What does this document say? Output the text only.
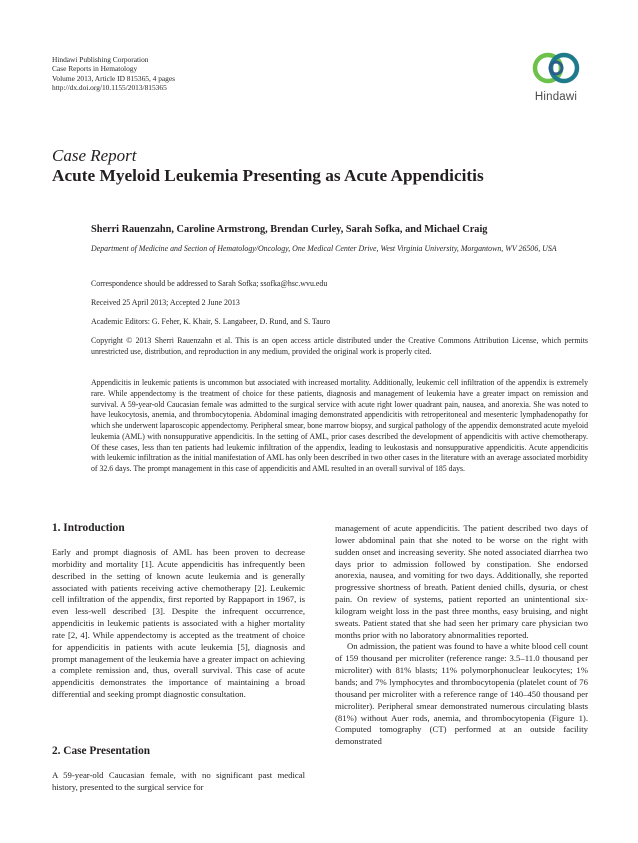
Hindawi Publishing Corporation
Case Reports in Hematology
Volume 2013, Article ID 815365, 4 pages
http://dx.doi.org/10.1155/2013/815365
Hindawi
Case Report
Acute Myeloid Leukemia Presenting as Acute Appendicitis
Sherri Rauenzahn, Caroline Armstrong, Brendan Curley, Sarah Sofka, and Michael Craig
Department of Medicine and Section of Hematology/Oncology, One Medical Center Drive, West Virginia University, Morgantown, WV 26506, USA
Correspondence should be addressed to Sarah Sofka; ssofka@hsc.wvu.edu
Received 25 April 2013; Accepted 2 June 2013
Academic Editors: G. Feher, K. Khair, S. Langabeer, D. Rund, and S. Tauro
Copyright © 2013 Sherri Rauenzahn et al. This is an open access article distributed under the Creative Commons Attribution License, which permits unrestricted use, distribution, and reproduction in any medium, provided the original work is properly cited.
Appendicitis in leukemic patients is uncommon but associated with increased mortality. Additionally, leukemic cell infiltration of the appendix is extremely rare. While appendectomy is the treatment of choice for these patients, diagnosis and management of leukemia have a greater impact on remission and survival. A 59-year-old Caucasian female was admitted to the surgical service with acute right lower quadrant pain, nausea, and anorexia. She was noted to have leukocytosis, anemia, and thrombocytopenia. Abdominal imaging demonstrated appendicitis with retroperitoneal and mesenteric lymphadenopathy for which she underwent laparoscopic appendectomy. Peripheral smear, bone marrow biopsy, and surgical pathology of the appendix demonstrated acute myeloid leukemia (AML) with nonsuppurative appendicitis. In the setting of AML, prior cases described the development of appendicitis with active chemotherapy. Of these cases, less than ten patients had leukemic infiltration of the appendix, leading to leukostasis and nonsuppurative appendicitis. Acute appendicitis with leukemic infiltration as the initial manifestation of AML has only been described in two other cases in the literature with an average associated morbidity of 32.6 days. The prompt management in this case of appendicitis and AML resulted in an overall survival of 185 days.
1. Introduction

Early and prompt diagnosis of AML has been proven to decrease morbidity and mortality [1]. Acute appendicitis has infrequently been described in the setting of known acute leukemia and is generally associated with patients receiving active chemotherapy [2]. Leukemic cell infiltration of the appendix, first reported by Rappaport in 1967, is even less-well described [3]. Despite the infrequent occurrence, appendicitis in leukemic patients is associated with a higher mortality rate [2, 4]. While appendectomy is accepted as the treatment of choice for appendicitis in patients with acute leukemia [5], diagnosis and prompt management of the leukemia have a greater impact on achieving a complete remission and, thus, overall survival. This case of acute appendicitis demonstrates the importance of maintaining a broad differential and seeking prompt diagnostic consultation.

2. Case Presentation

A 59-year-old Caucasian female, with no significant past medical history, presented to the surgical service for

management of acute appendicitis. The patient described two days of lower abdominal pain that she noted to be worse on the right with sudden onset and increasing severity. She noted associated diarrhea two days prior to admission followed by constipation. She endorsed anorexia, nausea, and vomiting for two days. Additionally, she reported progressive shortness of breath. Patient denied chills, dysuria, or chest pain. On review of systems, patient reported an unintentional six-kilogram weight loss in the past three months, easy bruising, and night sweats. Patient stated that she had seen her primary care physician two months prior with no laboratory abnormalities reported.

On admission, the patient was found to have a white blood cell count of 159 thousand per microliter (reference range: 3.5–11.0 thousand per microliter) with 81% blasts; 11% polymorphonuclear leukocytes; 1% bands; and 7% lymphocytes and thrombocytopenia (platelet count of 76 thousand per microliter with a reference range of 140–450 thousand per microliter). Peripheral smear demonstrated numerous circulating blasts (81%) without Auer rods, anemia, and thrombocytopenia (Figure 1). Computed tomography (CT) performed at an outside facility demonstrated
